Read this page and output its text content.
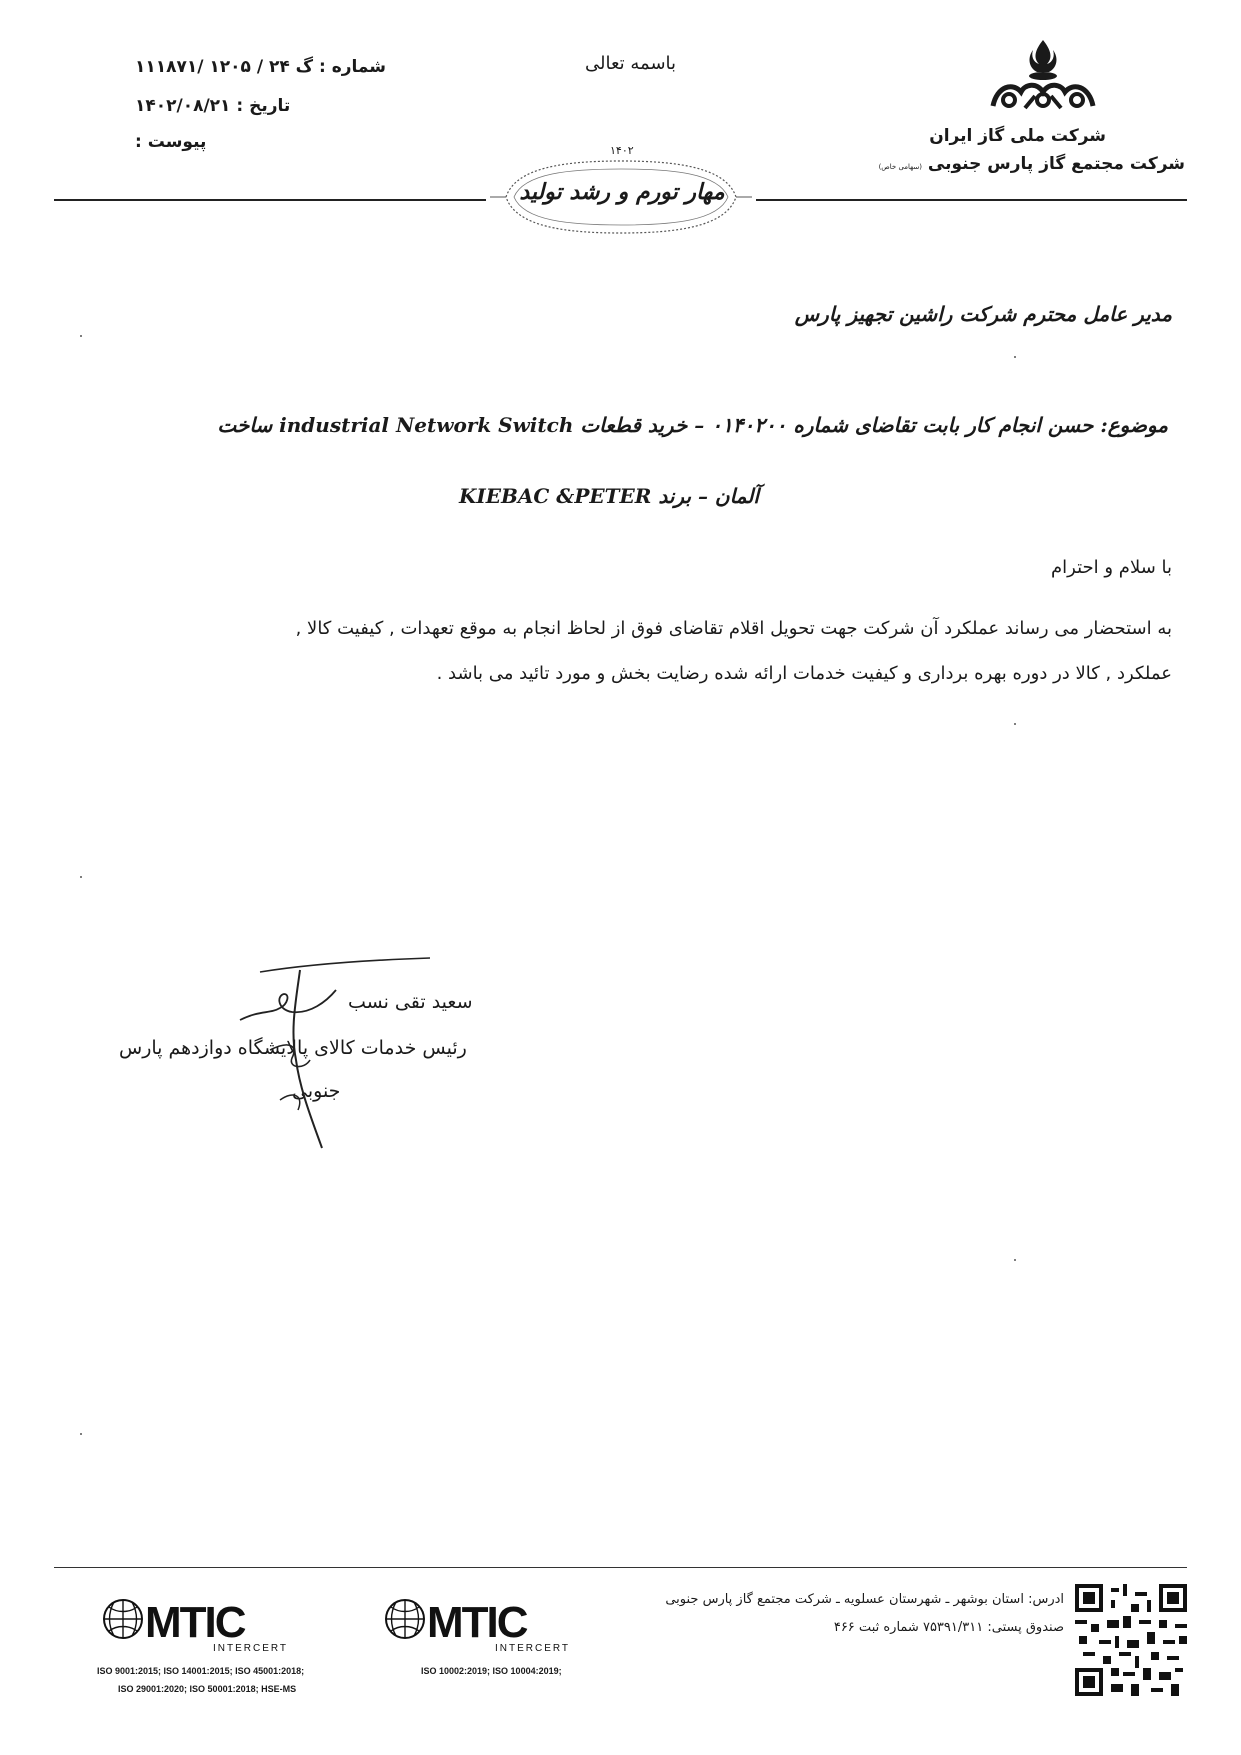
شرکت ملی گاز ایران
شرکت مجتمع گاز پارس جنوبی (سهامی خاص)
باسمه تعالی
شماره : گ ۲۴ / ۱۲۰۵ /۱۱۱۸۷۱
تاریخ : ۱۴۰۲/۰۸/۲۱
پیوست :	۱۴۰۲
مهار تورم و رشد تولید
مدیر عامل محترم شرکت راشین تجهیز پارس
موضوع: حسن انجام کار بابت تقاضای شماره ۰۱۴۰۲۰۰ – خرید قطعات industrial Network Switch ساخت
آلمان – برند KIEBAC &PETER
با سلام و احترام
به استحضار می رساند عملکرد آن شرکت جهت تحویل اقلام تقاضای فوق از لحاظ انجام به موقع تعهدات , کیفیت کالا ,
عملکرد , کالا در دوره بهره برداری و کیفیت خدمات ارائه شده رضایت بخش و مورد تائید می باشد .
سعید تقی نسب
رئیس خدمات کالای پالایشگاه دوازدهم پارس
جنوبی
ادرس: استان بوشهر ـ شهرستان عسلویه ـ شرکت مجتمع گاز پارس جنوبی
صندوق پستی: ۷۵۳۹۱/۳۱۱ شماره ثبت ۴۶۶
MTIC
INTERCERT
MTIC
INTERCERT
ISO 9001:2015; ISO 14001:2015; ISO 45001:2018;
ISO 29001:2020; ISO 50001:2018; HSE-MS
ISO 10002:2019; ISO 10004:2019;
